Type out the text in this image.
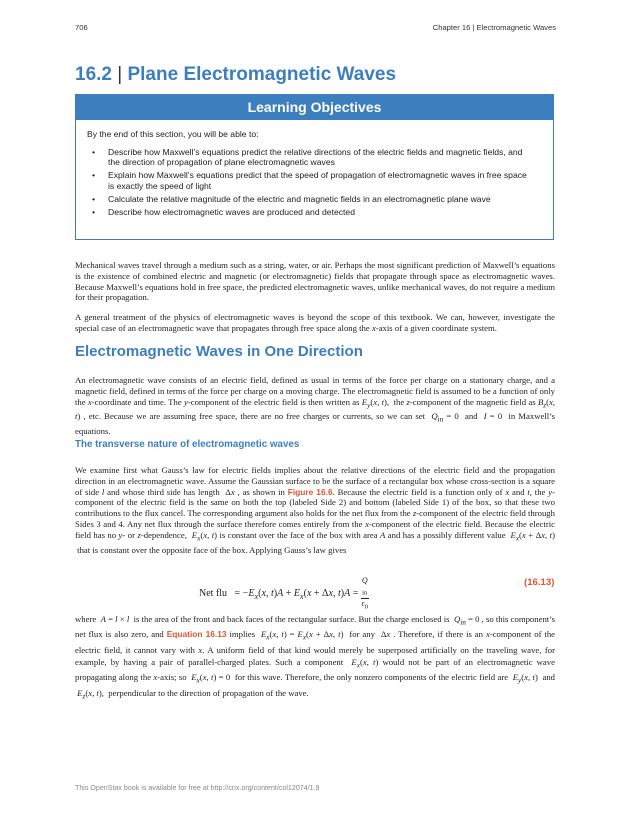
706	Chapter 16 | Electromagnetic Waves
16.2 | Plane Electromagnetic Waves
Learning Objectives
By the end of this section, you will be able to:
• Describe how Maxwell’s equations predict the relative directions of the electric fields and magnetic fields, and the direction of propagation of plane electromagnetic waves
• Explain how Maxwell’s equations predict that the speed of propagation of electromagnetic waves in free space is exactly the speed of light
• Calculate the relative magnitude of the electric and magnetic fields in an electromagnetic plane wave
• Describe how electromagnetic waves are produced and detected

Mechanical waves travel through a medium such as a string, water, or air. Perhaps the most significant prediction of Maxwell’s equations is the existence of combined electric and magnetic (or electromagnetic) fields that propagate through space as electromagnetic waves. Because Maxwell’s equations hold in free space, the predicted electromagnetic waves, unlike mechanical waves, do not require a medium for their propagation.

A general treatment of the physics of electromagnetic waves is beyond the scope of this textbook. We can, however, investigate the special case of an electromagnetic wave that propagates through free space along the x-axis of a given coordinate system.

Electromagnetic Waves in One Direction

An electromagnetic wave consists of an electric field, defined as usual in terms of the force per charge on a stationary charge, and a magnetic field, defined in terms of the force per charge on a moving charge. The electromagnetic field is assumed to be a function of only the x-coordinate and time. The y-component of the electric field is then written as $E_y(x$, t),  the z-component of the magnetic field as $B_z(x$, t) , etc. Because we are assuming free space, there are no free charges or currents, so we can set  $Q_{in} = 0$  and  I = 0  in Maxwell’s equations.

The transverse nature of electromagnetic waves

We examine first what Gauss’s law for electric fields implies about the relative directions of the electric field and the propagation direction in an electromagnetic wave. Assume the Gaussian surface to be the surface of a rectangular box whose cross-section is a square of side l and whose third side has length  Δx , as shown in Figure 16.6. Because the electric field is a function only of x and t, the y-component of the electric field is the same on both the top (labeled Side 2) and bottom (labeled Side 1) of the box, so that these two contributions to the flux cancel. The corresponding argument also holds for the net flux from the z-component of the electric field through Sides 3 and 4. Any net flux through the surface therefore comes entirely from the x-component of the electric field. Because the electric field has no y- or z-dependence,  $E_x(x$, t) is constant over the face of the box with area A and has a possibly different value  $E_x(x + \Delta x$, t)  that is constant over the opposite face of the box. Applying Gauss’s law gives

Net flu   = $-E_x(x$, $t)A + E_x(x + \Delta x$, t)A = Q
$_{in}$
$\varepsilon_0$	(16.13)

where  A = l × l  is the area of the front and back faces of the rectangular surface. But the charge enclosed is  $Q_{in} = 0$ , so this component’s net flux is also zero, and Equation 16.13 implies  $E_x(x$, $t) = E_x(x + \Delta x$, t)  for any  Δx . Therefore, if there is an x-component of the electric field, it cannot vary with x. A uniform field of that kind would merely be superposed artificially on the traveling wave, for example, by having a pair of parallel-charged plates. Such a component  $E_x(x$, t) would not be part of an electromagnetic wave propagating along the x-axis; so  $E_x(x$, t) = 0  for this wave. Therefore, the only nonzero components of the electric field are  $E_y(x$, t)  and  $E_z(x$, t),  perpendicular to the direction of propagation of the wave.

This OpenStax book is available for free at http://cnx.org/content/col12074/1.9
